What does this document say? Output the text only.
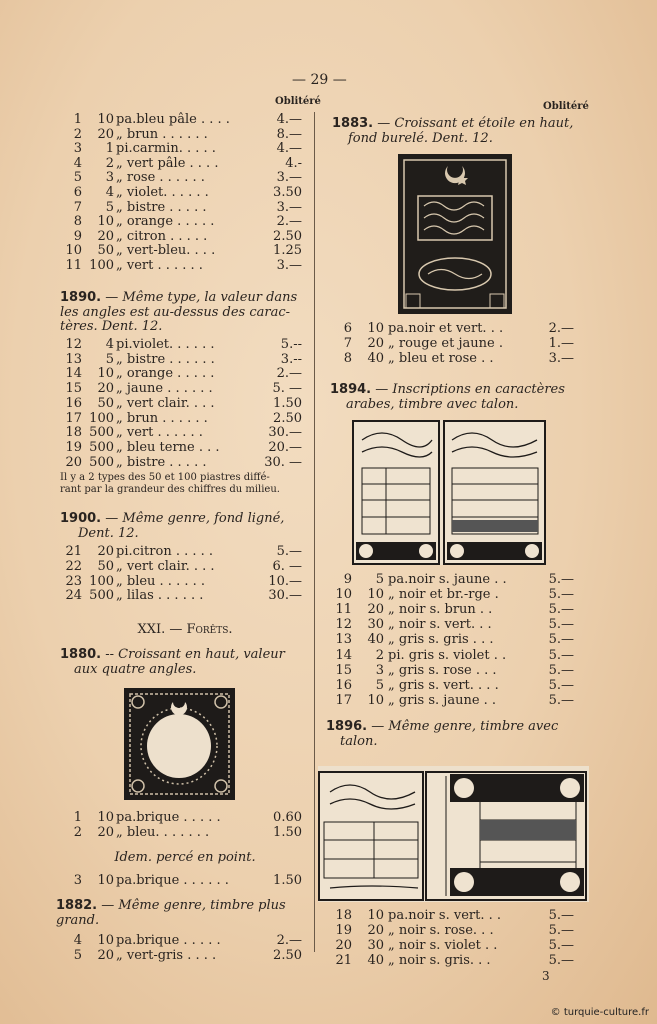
— 29 —
Oblitéré
1	10 pa.bleu pâle . . . .	4.—
2	20 „ brun . . . . . .	8.—
3	1 pi.carmin. . . . .	4.—
4	2 „ vert pâle . . . .	4.-
5	3 „ rose . . . . . .	3.—
6	4 „ violet. . . . . .	3.50
7	5 „ bistre . . . . .	3.—
8	10 „ orange . . . . .	2.—
9	20 „ citron . . . . .	2.50
10	50 „ vert-bleu. . . .	1.25
11 100 „ vert . . . . . .	3.—
1890. — Même type, la valeur dans
les angles est au-dessus des carac-
tères. Dent. 12.
12	4 pi.violet. . . . . .	5.--
13	5 „ bistre . . . . . .	3.--
14	10 „ orange . . . . .	2.—
15	20 „ jaune . . . . . .	5. —
16	50 „ vert clair. . . .	1.50
17 100 „ brun . . . . . .	2.50
18 500 „ vert . . . . . .	30.—
19 500 „ bleu terne . . .	20.—
20 500 „ bistre . . . . .	30. —
Il y a 2 types des 50 et 100 piastres diffé-
rant par la grandeur des chiffres du milieu.
1900. — Même genre, fond ligné,
Dent. 12.
21	20 pi.citron . . . . .	5.—
22	50 „ vert clair. . . .	6. —
23 100 „ bleu . . . . . .	10.—
24 500 „ lilas . . . . . .	30.—
XXI. — Forêts.
1880. -- Croissant en haut, valeur
aux quatre angles.
1	10 pa.brique . . . . .	0.60
2	20 „ bleu. . . . . . .	1.50
Idem. percé en point.
3	10 pa.brique . . . . . .	1.50
1882. — Même genre, timbre plus
grand.
4	10 pa.brique . . . . .	2.—
5	20 „ vert-gris . . . .	2.50
Oblitéré
1883. — Croissant et étoile en haut,
fond burelé. Dent. 12.
6	10 pa.noir et vert. . .	2.—
7	20 „ rouge et jaune .	1.—
8	40 „ bleu et rose . .	3.—
1894. — Inscriptions en caractères
arabes, timbre avec talon.
9	5 pa.noir s. jaune . .	5.—
10	10 „ noir et br.-rge .	5.—
11	20 „ noir s. brun . .	5.—
12	30 „ noir s. vert. . .	5.—
13	40 „ gris s. gris . . .	5.—
14	2 pi. gris s. violet . .	5.—
15	3 „ gris s. rose . . .	5.—
16	5 „ gris s. vert. . . .	5.—
17	10 „ gris s. jaune . .	5.—
1896. — Même genre, timbre avec
talon.
18	10 pa.noir s. vert. . .	5.—
19	20 „ noir s. rose. . .	5.—
20	30 „ noir s. violet . .	5.—
21	40 „ noir s. gris. . .	5.—
3
© turquie-culture.fr
